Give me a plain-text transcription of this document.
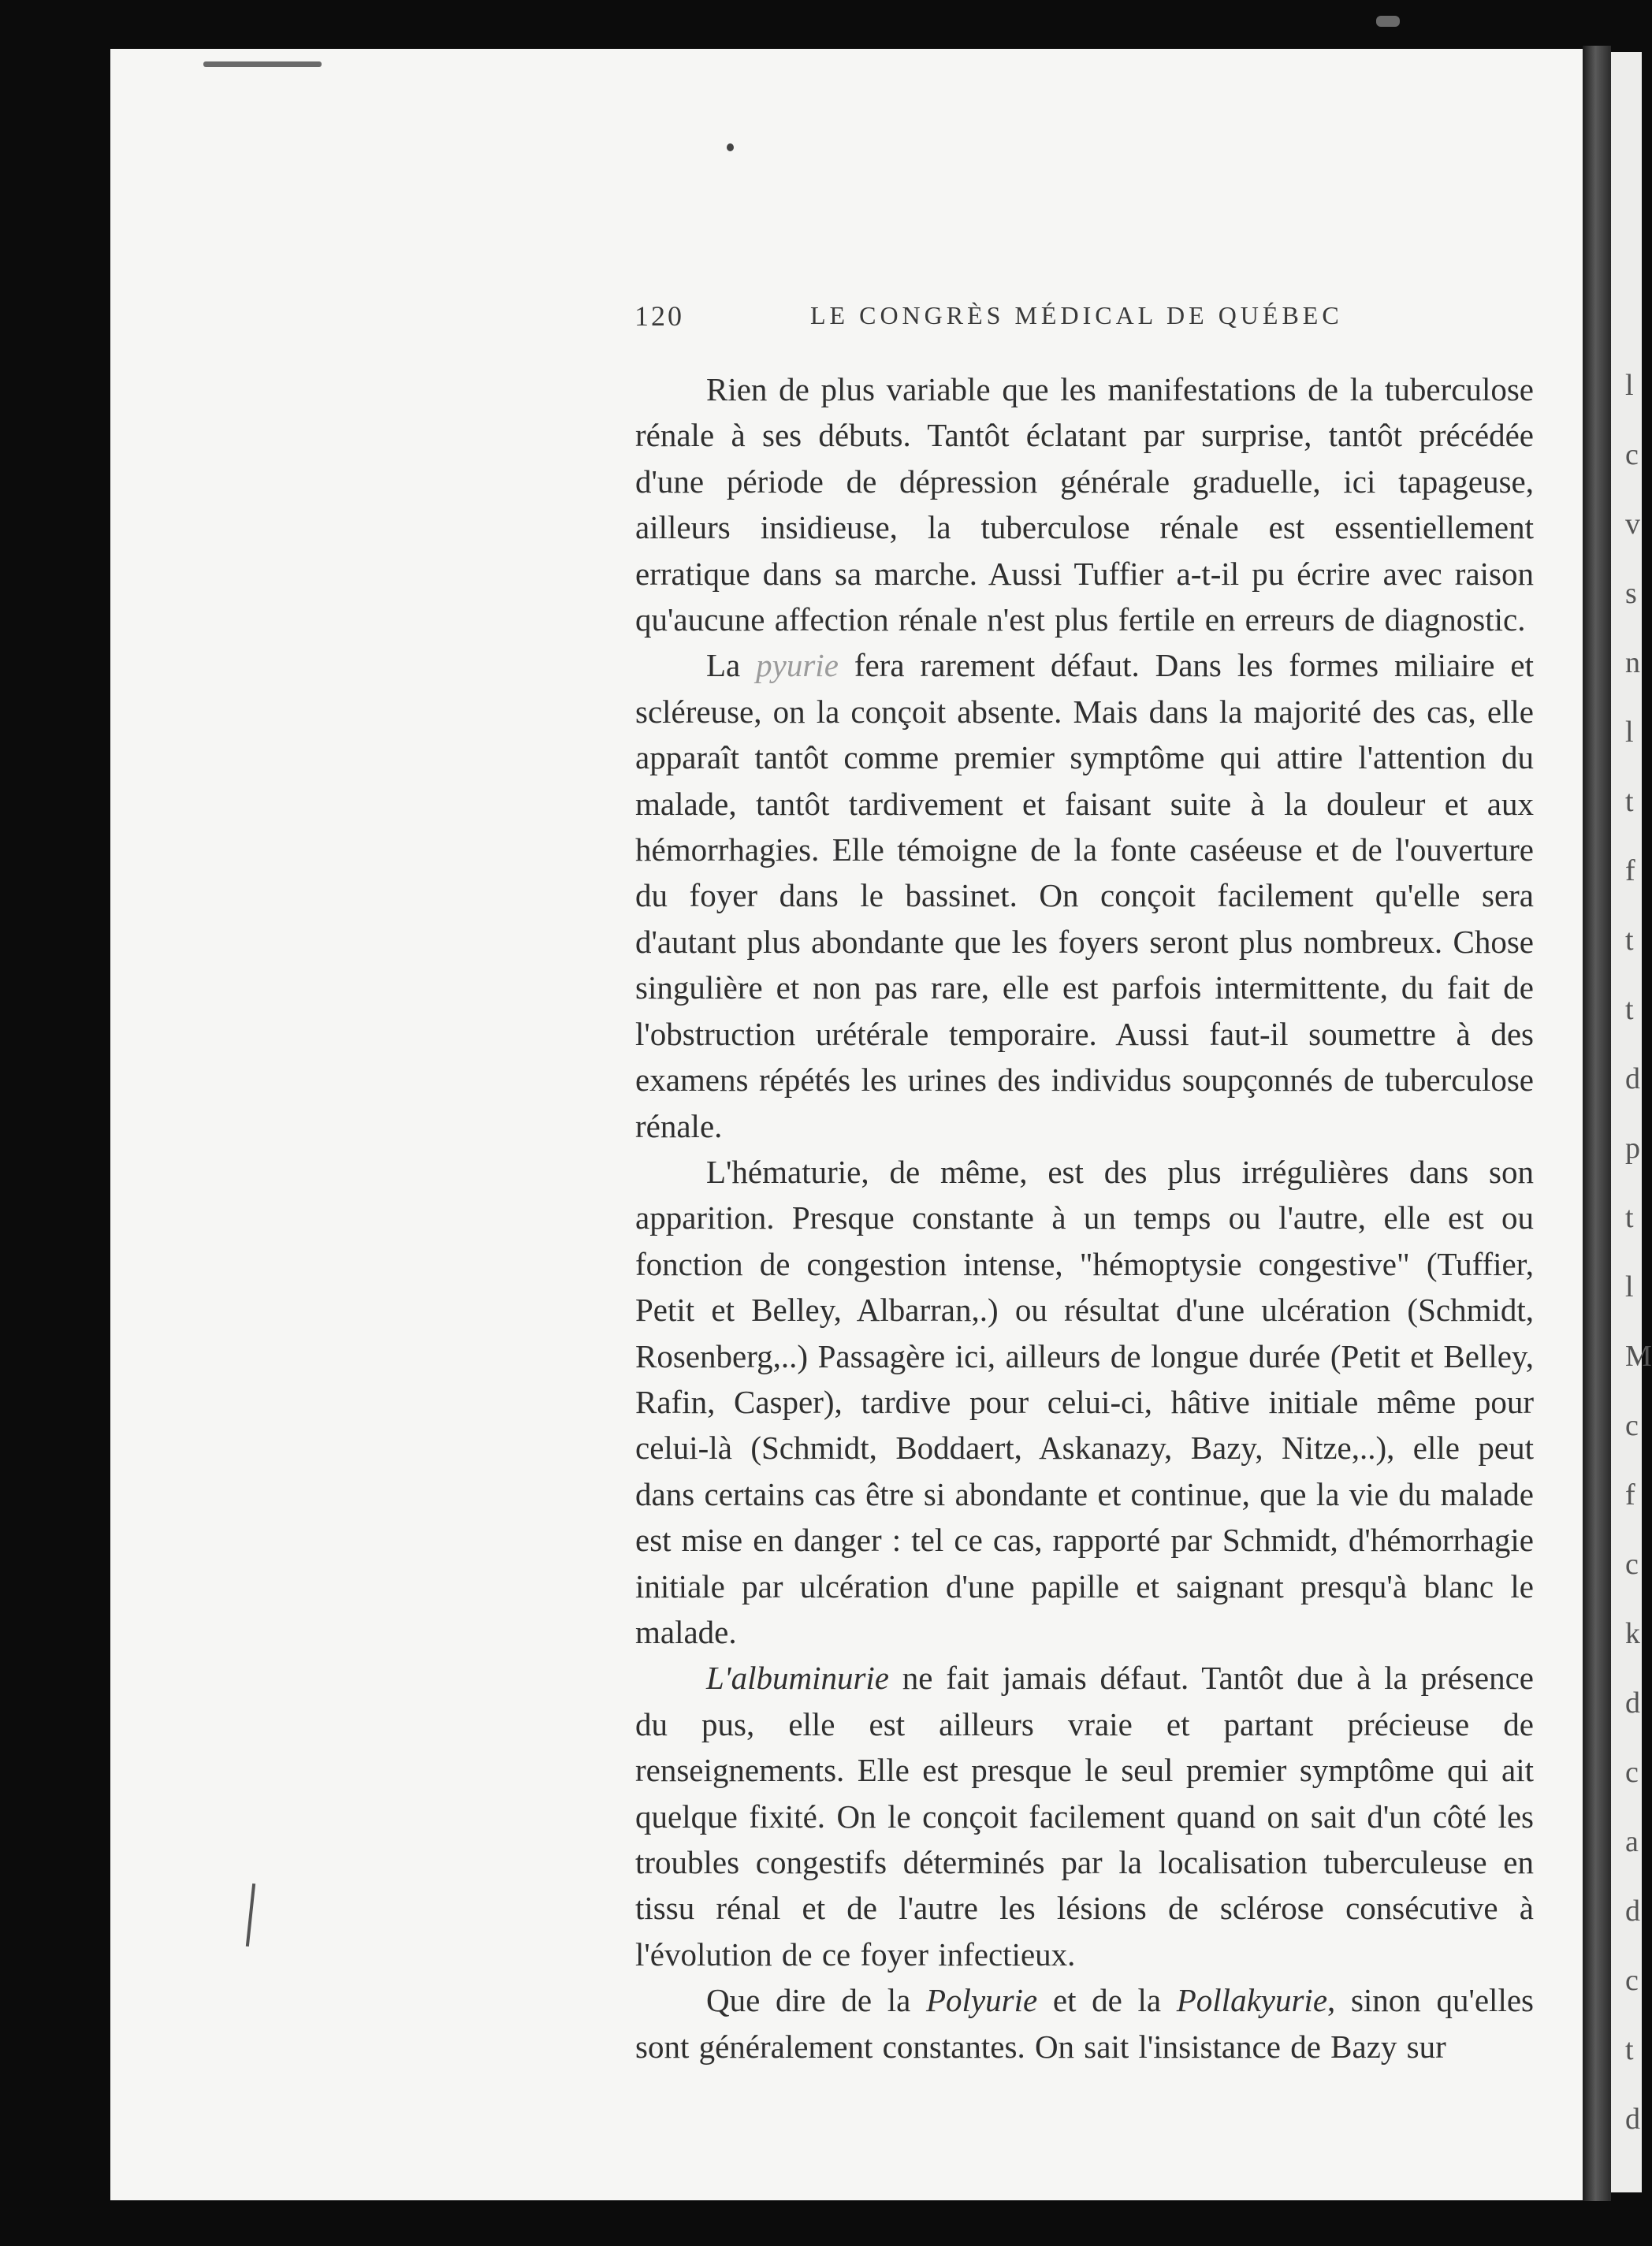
l
c
v
s
n
l
t
f
t
t
d
p
t
l
M
c
f
c
k
d
c
a
d
c
t
d
120	LE CONGRÈS MÉDICAL DE QUÉBEC

Rien de plus variable que les manifestations de la tuberculose rénale à ses débuts. Tantôt éclatant par surprise, tantôt précédée d'une période de dépression générale graduelle, ici tapageuse, ailleurs insidieuse, la tuberculose rénale est essentiellement erratique dans sa marche. Aussi Tuffier a-t-il pu écrire avec raison qu'aucune affection rénale n'est plus fertile en erreurs de diagnostic.

La pyurie fera rarement défaut. Dans les formes miliaire et scléreuse, on la conçoit absente. Mais dans la majorité des cas, elle apparaît tantôt comme premier symptôme qui attire l'attention du malade, tantôt tardivement et faisant suite à la douleur et aux hémorrhagies. Elle témoigne de la fonte caséeuse et de l'ouverture du foyer dans le bassinet. On conçoit facilement qu'elle sera d'autant plus abondante que les foyers seront plus nombreux. Chose singulière et non pas rare, elle est parfois intermittente, du fait de l'obstruction urétérale temporaire. Aussi faut-il soumettre à des examens répétés les urines des individus soupçonnés de tuberculose rénale.

L'hématurie, de même, est des plus irrégulières dans son apparition. Presque constante à un temps ou l'autre, elle est ou fonction de congestion intense, "hémoptysie congestive" (Tuffier, Petit et Belley, Albarran,.) ou résultat d'une ulcération (Schmidt, Rosenberg,..) Passagère ici, ailleurs de longue durée (Petit et Belley, Rafin, Casper), tardive pour celui-ci, hâtive initiale même pour celui-là (Schmidt, Boddaert, Askanazy, Bazy, Nitze,..), elle peut dans certains cas être si abondante et continue, que la vie du malade est mise en danger : tel ce cas, rapporté par Schmidt, d'hémorrhagie initiale par ulcération d'une papille et saignant presqu'à blanc le malade.

L'albuminurie ne fait jamais défaut. Tantôt due à la présence du pus, elle est ailleurs vraie et partant précieuse de renseignements. Elle est presque le seul premier symptôme qui ait quelque fixité. On le conçoit facilement quand on sait d'un côté les troubles congestifs déterminés par la localisation tuberculeuse en tissu rénal et de l'autre les lésions de sclérose consécutive à l'évolution de ce foyer infectieux.

Que dire de la Polyurie et de la Pollakyurie, sinon qu'elles sont généralement constantes. On sait l'insistance de Bazy sur
